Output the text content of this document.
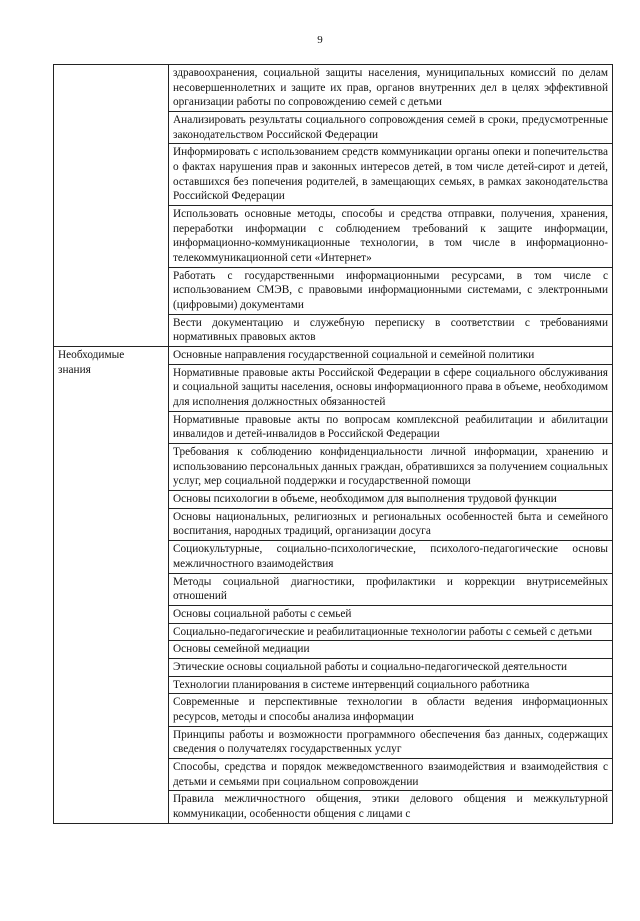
9
	здравоохранения, социальной защиты населения, муниципальных комиссий по делам несовершеннолетних и защите их прав, органов внутренних дел в целях эффективной организации работы по сопровождению семей с детьми
	Анализировать результаты социального сопровождения семей в сроки, предусмотренные законодательством Российской Федерации
	Информировать с использованием средств коммуникации органы опеки и попечительства о фактах нарушения прав и законных интересов детей, в том числе детей-сирот и детей, оставшихся без попечения родителей, в замещающих семьях, в рамках законодательства Российской Федерации
	Использовать основные методы, способы и средства отправки, получения, хранения, переработки информации с соблюдением требований к защите информации, информационно-коммуникационные технологии, в том числе в информационно-телекоммуникационной сети «Интернет»
	Работать с государственными информационными ресурсами, в том числе с использованием СМЭВ, с правовыми информационными системами, с электронными (цифровыми) документами
	Вести документацию и служебную переписку в соответствии с требованиями нормативных правовых актов

Необходимые
знания	Основные направления государственной социальной и семейной политики
	Нормативные правовые акты Российской Федерации в сфере социального обслуживания и социальной защиты населения, основы информационного права в объеме, необходимом для исполнения должностных обязанностей
	Нормативные правовые акты по вопросам комплексной реабилитации и абилитации инвалидов и детей-инвалидов в Российской Федерации
	Требования к соблюдению конфиденциальности личной информации, хранению и использованию персональных данных граждан, обратившихся за получением социальных услуг, мер социальной поддержки и государственной помощи
	Основы психологии в объеме, необходимом для выполнения трудовой функции
	Основы национальных, религиозных и региональных особенностей быта и семейного воспитания, народных традиций, организации досуга
	Социокультурные, социально-психологические, психолого-педагогические основы межличностного взаимодействия
	Методы социальной диагностики, профилактики и коррекции внутрисемейных отношений
	Основы социальной работы с семьей
	Социально-педагогические и реабилитационные технологии работы с семьей с детьми
	Основы семейной медиации
	Этические основы социальной работы и социально-педагогической деятельности
	Технологии планирования в системе интервенций социального работника
	Современные и перспективные технологии в области ведения информационных ресурсов, методы и способы анализа информации
	Принципы работы и возможности программного обеспечения баз данных, содержащих сведения о получателях государственных услуг
	Способы, средства и порядок межведомственного взаимодействия и взаимодействия с детьми и семьями при социальном сопровождении
	Правила межличностного общения, этики делового общения и межкультурной коммуникации, особенности общения с лицами с
